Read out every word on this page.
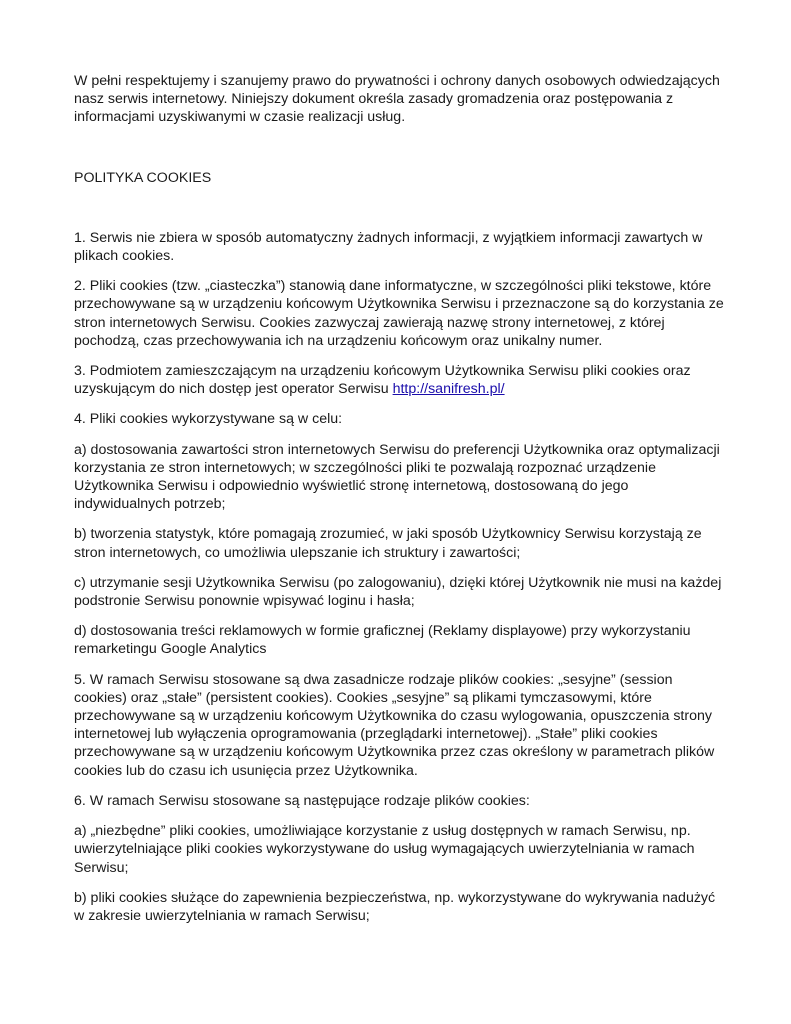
W pełni respektujemy i szanujemy prawo do prywatności i ochrony danych osobowych odwiedzających nasz serwis internetowy. Niniejszy dokument określa zasady gromadzenia oraz postępowania z informacjami uzyskiwanymi w czasie realizacji usług.

POLITYKA COOKIES

1. Serwis nie zbiera w sposób automatyczny żadnych informacji, z wyjątkiem informacji zawartych w plikach cookies.

2. Pliki cookies (tzw. „ciasteczka”) stanowią dane informatyczne, w szczególności pliki tekstowe, które przechowywane są w urządzeniu końcowym Użytkownika Serwisu i przeznaczone są do korzystania ze stron internetowych Serwisu. Cookies zazwyczaj zawierają nazwę strony internetowej, z której pochodzą, czas przechowywania ich na urządzeniu końcowym oraz unikalny numer.

3. Podmiotem zamieszczającym na urządzeniu końcowym Użytkownika Serwisu pliki cookies oraz uzyskującym do nich dostęp jest operator Serwisu http://sanifresh.pl/

4. Pliki cookies wykorzystywane są w celu:

a) dostosowania zawartości stron internetowych Serwisu do preferencji Użytkownika oraz optymalizacji korzystania ze stron internetowych; w szczególności pliki te pozwalają rozpoznać urządzenie Użytkownika Serwisu i odpowiednio wyświetlić stronę internetową, dostosowaną do jego indywidualnych potrzeb;

b) tworzenia statystyk, które pomagają zrozumieć, w jaki sposób Użytkownicy Serwisu korzystają ze stron internetowych, co umożliwia ulepszanie ich struktury i zawartości;

c) utrzymanie sesji Użytkownika Serwisu (po zalogowaniu), dzięki której Użytkownik nie musi na każdej podstronie Serwisu ponownie wpisywać loginu i hasła;

d) dostosowania treści reklamowych w formie graficznej (Reklamy displayowe) przy wykorzystaniu remarketingu Google Analytics

5. W ramach Serwisu stosowane są dwa zasadnicze rodzaje plików cookies: „sesyjne” (session cookies) oraz „stałe” (persistent cookies). Cookies „sesyjne” są plikami tymczasowymi, które przechowywane są w urządzeniu końcowym Użytkownika do czasu wylogowania, opuszczenia strony internetowej lub wyłączenia oprogramowania (przeglądarki internetowej). „Stałe” pliki cookies przechowywane są w urządzeniu końcowym Użytkownika przez czas określony w parametrach plików cookies lub do czasu ich usunięcia przez Użytkownika.

6. W ramach Serwisu stosowane są następujące rodzaje plików cookies:

a) „niezbędne” pliki cookies, umożliwiające korzystanie z usług dostępnych w ramach Serwisu, np. uwierzytelniające pliki cookies wykorzystywane do usług wymagających uwierzytelniania w ramach Serwisu;

b) pliki cookies służące do zapewnienia bezpieczeństwa, np. wykorzystywane do wykrywania nadużyć w zakresie uwierzytelniania w ramach Serwisu;
